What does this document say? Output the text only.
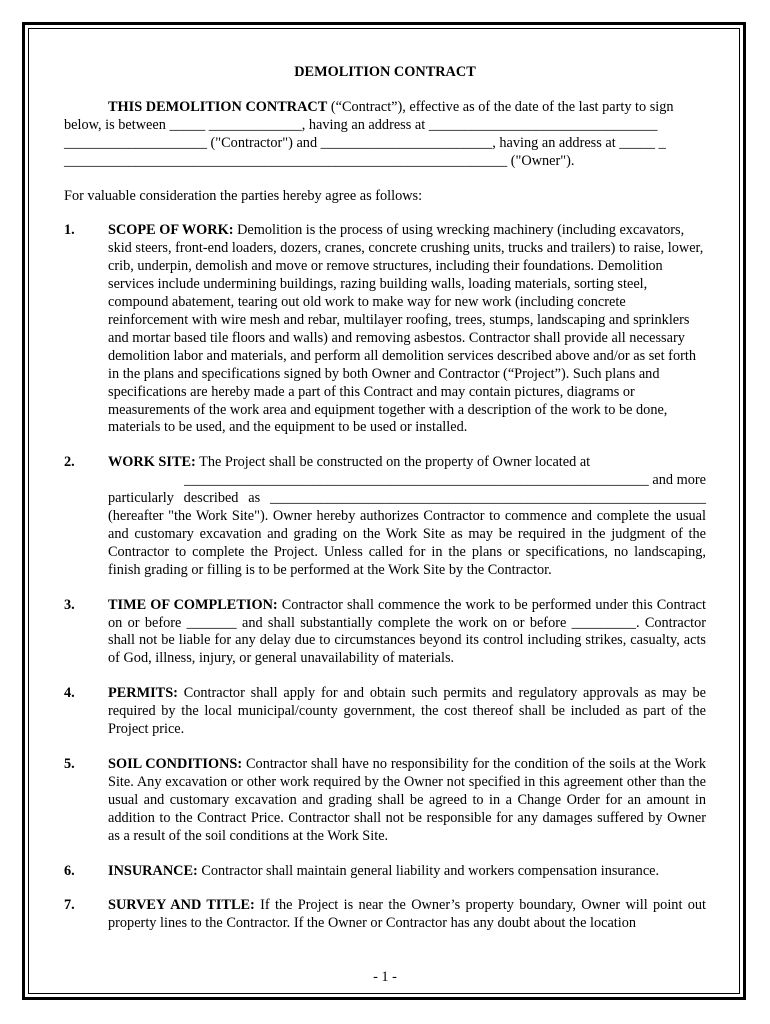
DEMOLITION CONTRACT

THIS DEMOLITION CONTRACT (“Contract”), effective as of the date of the last party to sign below, is between _____ _____________, having an address at ________________________________ ____________________ ("Contractor") and ________________________, having an address at _____ _ ______________________________________________________________ ("Owner").

For valuable consideration the parties hereby agree as follows:

1.	SCOPE OF WORK: Demolition is the process of using wrecking machinery (including excavators, skid steers, front-end loaders, dozers, cranes, concrete crushing units, trucks and trailers) to raise, lower, crib, underpin, demolish and move or remove structures, including their foundations. Demolition services include undermining buildings, razing building walls, loading materials, sorting steel, compound abatement, tearing out old work to make way for new work (including concrete reinforcement with wire mesh and rebar, multilayer roofing, trees, stumps, landscaping and sprinklers and mortar based tile floors and walls) and removing asbestos. Contractor shall provide all necessary demolition labor and materials, and perform all demolition services described above and/or as set forth in the plans and specifications signed by both Owner and Contractor (“Project”). Such plans and specifications are hereby made a part of this Contract and may contain pictures, diagrams or measurements of the work area and equipment together with a description of the work to be done, materials to be used, and the equipment to be used or installed.
2.	WORK SITE: The Project shall be constructed on the property of Owner located at
_________________________________________________________________ and more
particularly described as _____________________________________________________________ (hereafter "the Work Site"). Owner hereby authorizes Contractor to commence and complete the usual and customary excavation and grading on the Work Site as may be required in the judgment of the Contractor to complete the Project. Unless called for in the plans or specifications, no landscaping, finish grading or filling is to be performed at the Work Site by the Contractor.
3.	TIME OF COMPLETION: Contractor shall commence the work to be performed under this Contract on or before _______ and shall substantially complete the work on or before _________. Contractor shall not be liable for any delay due to circumstances beyond its control including strikes, casualty, acts of God, illness, injury, or general unavailability of materials.
4.	PERMITS: Contractor shall apply for and obtain such permits and regulatory approvals as may be required by the local municipal/county government, the cost thereof shall be included as part of the Project price.
5.	SOIL CONDITIONS: Contractor shall have no responsibility for the condition of the soils at the Work Site. Any excavation or other work required by the Owner not specified in this agreement other than the usual and customary excavation and grading shall be agreed to in a Change Order for an amount in addition to the Contract Price. Contractor shall not be responsible for any damages suffered by Owner as a result of the soil conditions at the Work Site.
6.	INSURANCE: Contractor shall maintain general liability and workers compensation insurance.
7.	SURVEY AND TITLE: If the Project is near the Owner’s property boundary, Owner will point out property lines to the Contractor. If the Owner or Contractor has any doubt about the location
- 1 -
